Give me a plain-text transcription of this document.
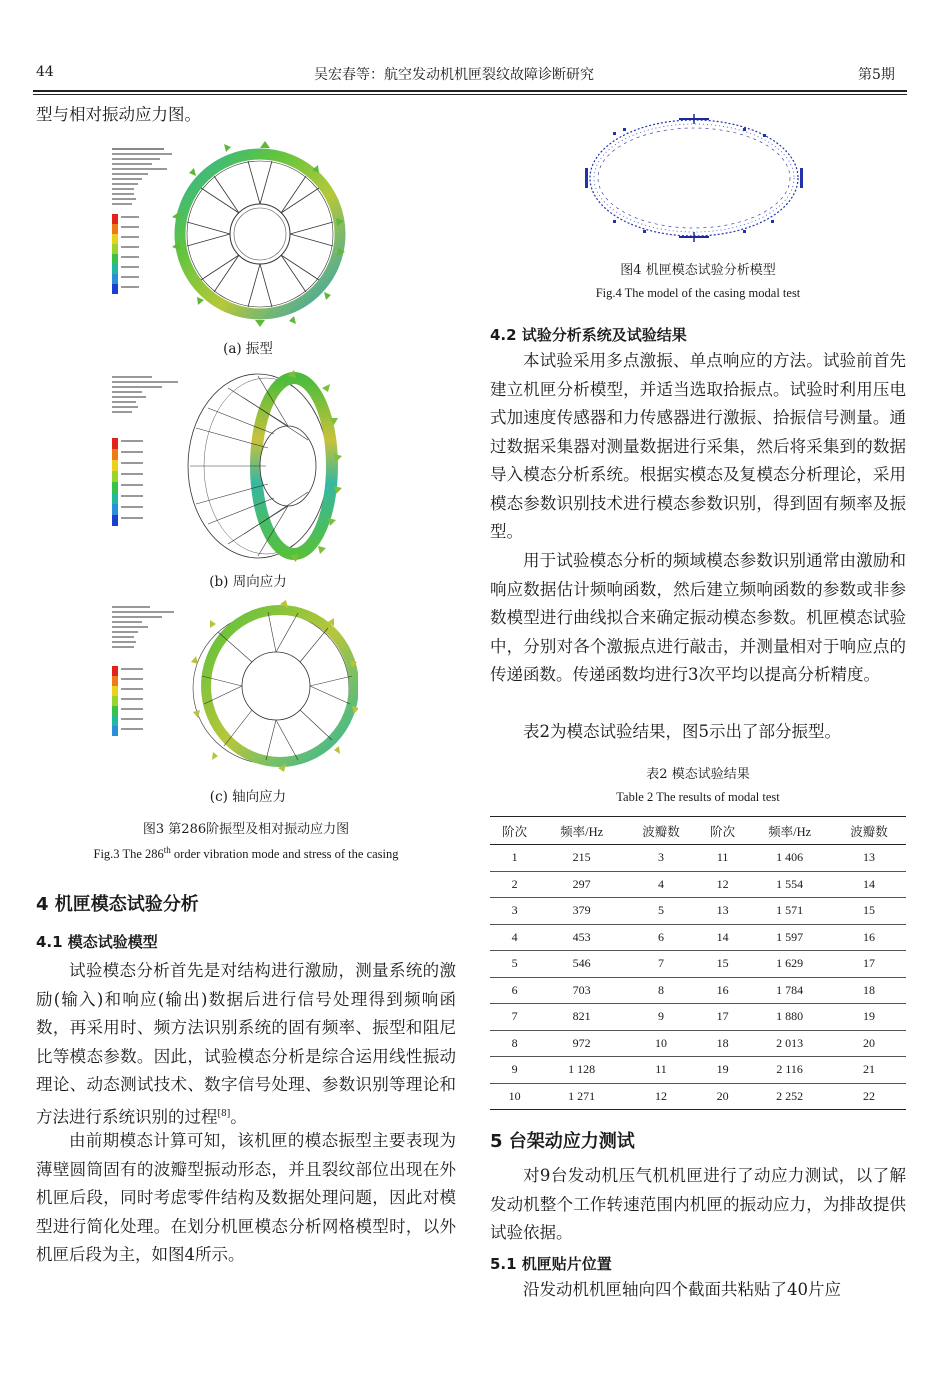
44	吴宏春等：航空发动机机匣裂纹故障诊断研究	第5期
型与相对振动应力图。
(a) 振型
(b) 周向应力
(c) 轴向应力
图3 第286阶振型及相对振动应力图
Fig.3 The 286th order vibration mode and stress of the casing
4 机匣模态试验分析
4.1 模态试验模型
试验模态分析首先是对结构进行激励，测量系统的激励(输入)和响应(输出)数据后进行信号处理得到频响函数，再采用时、频方法识别系统的固有频率、振型和阻尼比等模态参数。因此，试验模态分析是综合运用线性振动理论、动态测试技术、数字信号处理、参数识别等理论和方法进行系统识别的过程[8]。
由前期模态计算可知，该机匣的模态振型主要表现为薄壁圆筒固有的波瓣型振动形态，并且裂纹部位出现在外机匣后段，同时考虑零件结构及数据处理问题，因此对模型进行简化处理。在划分机匣模态分析网格模型时，以外机匣后段为主，如图4所示。
图4 机匣模态试验分析模型
Fig.4 The model of the casing modal test
4.2 试验分析系统及试验结果
本试验采用多点激振、单点响应的方法。试验前首先建立机匣分析模型，并适当选取拾振点。试验时利用压电式加速度传感器和力传感器进行激振、拾振信号测量。通过数据采集器对测量数据进行采集，然后将采集到的数据导入模态分析系统。根据实模态及复模态分析理论，采用模态参数识别技术进行模态参数识别，得到固有频率及振型。
用于试验模态分析的频域模态参数识别通常由激励和响应数据估计频响函数，然后建立频响函数的参数或非参数模型进行曲线拟合来确定振动模态参数。机匣模态试验中，分别对各个激振点进行敲击，并测量相对于响应点的传递函数。传递函数均进行3次平均以提高分析精度。
表2为模态试验结果，图5示出了部分振型。
表2 模态试验结果
Table 2 The results of modal test
阶次	频率/Hz	波瓣数	阶次	频率/Hz	波瓣数
1	215	3	11	1 406	13
2	297	4	12	1 554	14
3	379	5	13	1 571	15
4	453	6	14	1 597	16
5	546	7	15	1 629	17
6	703	8	16	1 784	18
7	821	9	17	1 880	19
8	972	10	18	2 013	20
9	1 128	11	19	2 116	21
10	1 271	12	20	2 252	22
5 台架动应力测试
对9台发动机压气机机匣进行了动应力测试，以了解发动机整个工作转速范围内机匣的振动应力，为排故提供试验依据。
5.1 机匣贴片位置
沿发动机机匣轴向四个截面共粘贴了40片应
